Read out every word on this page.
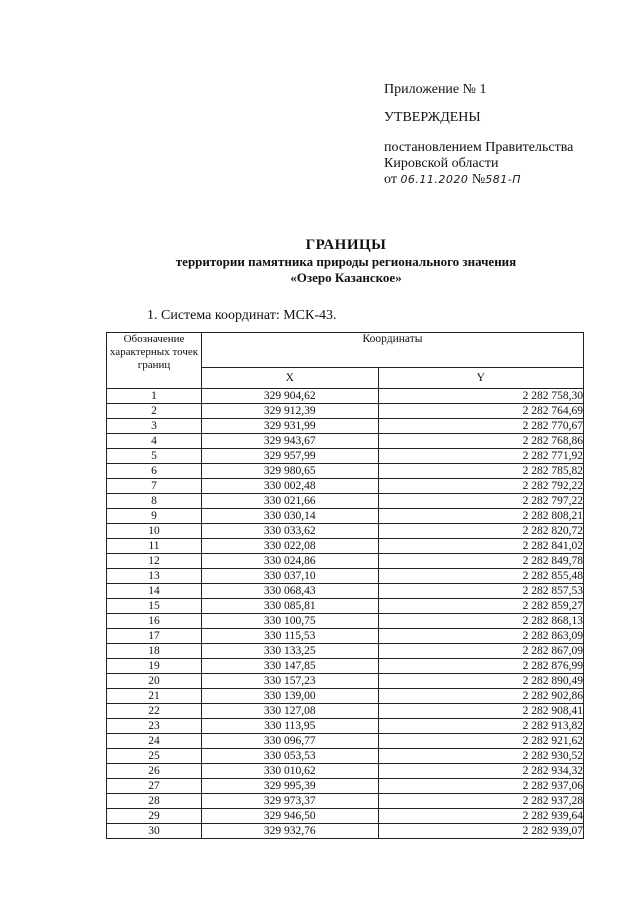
Приложение № 1
УТВЕРЖДЕНЫ
постановлением Правительства
Кировской области
от 06.11.2020 №581-П
ГРАНИЦЫ
территории памятника природы регионального значения
«Озеро Казанское»
1. Система координат: МСК-43.
Обозначение характерных точек границ	Координаты	
	X	Y
1	329 904,62	2 282 758,30
2	329 912,39	2 282 764,69
3	329 931,99	2 282 770,67
4	329 943,67	2 282 768,86
5	329 957,99	2 282 771,92
6	329 980,65	2 282 785,82
7	330 002,48	2 282 792,22
8	330 021,66	2 282 797,22
9	330 030,14	2 282 808,21
10	330 033,62	2 282 820,72
11	330 022,08	2 282 841,02
12	330 024,86	2 282 849,78
13	330 037,10	2 282 855,48
14	330 068,43	2 282 857,53
15	330 085,81	2 282 859,27
16	330 100,75	2 282 868,13
17	330 115,53	2 282 863,09
18	330 133,25	2 282 867,09
19	330 147,85	2 282 876,99
20	330 157,23	2 282 890,49
21	330 139,00	2 282 902,86
22	330 127,08	2 282 908,41
23	330 113,95	2 282 913,82
24	330 096,77	2 282 921,62
25	330 053,53	2 282 930,52
26	330 010,62	2 282 934,32
27	329 995,39	2 282 937,06
28	329 973,37	2 282 937,28
29	329 946,50	2 282 939,64
30	329 932,76	2 282 939,07
